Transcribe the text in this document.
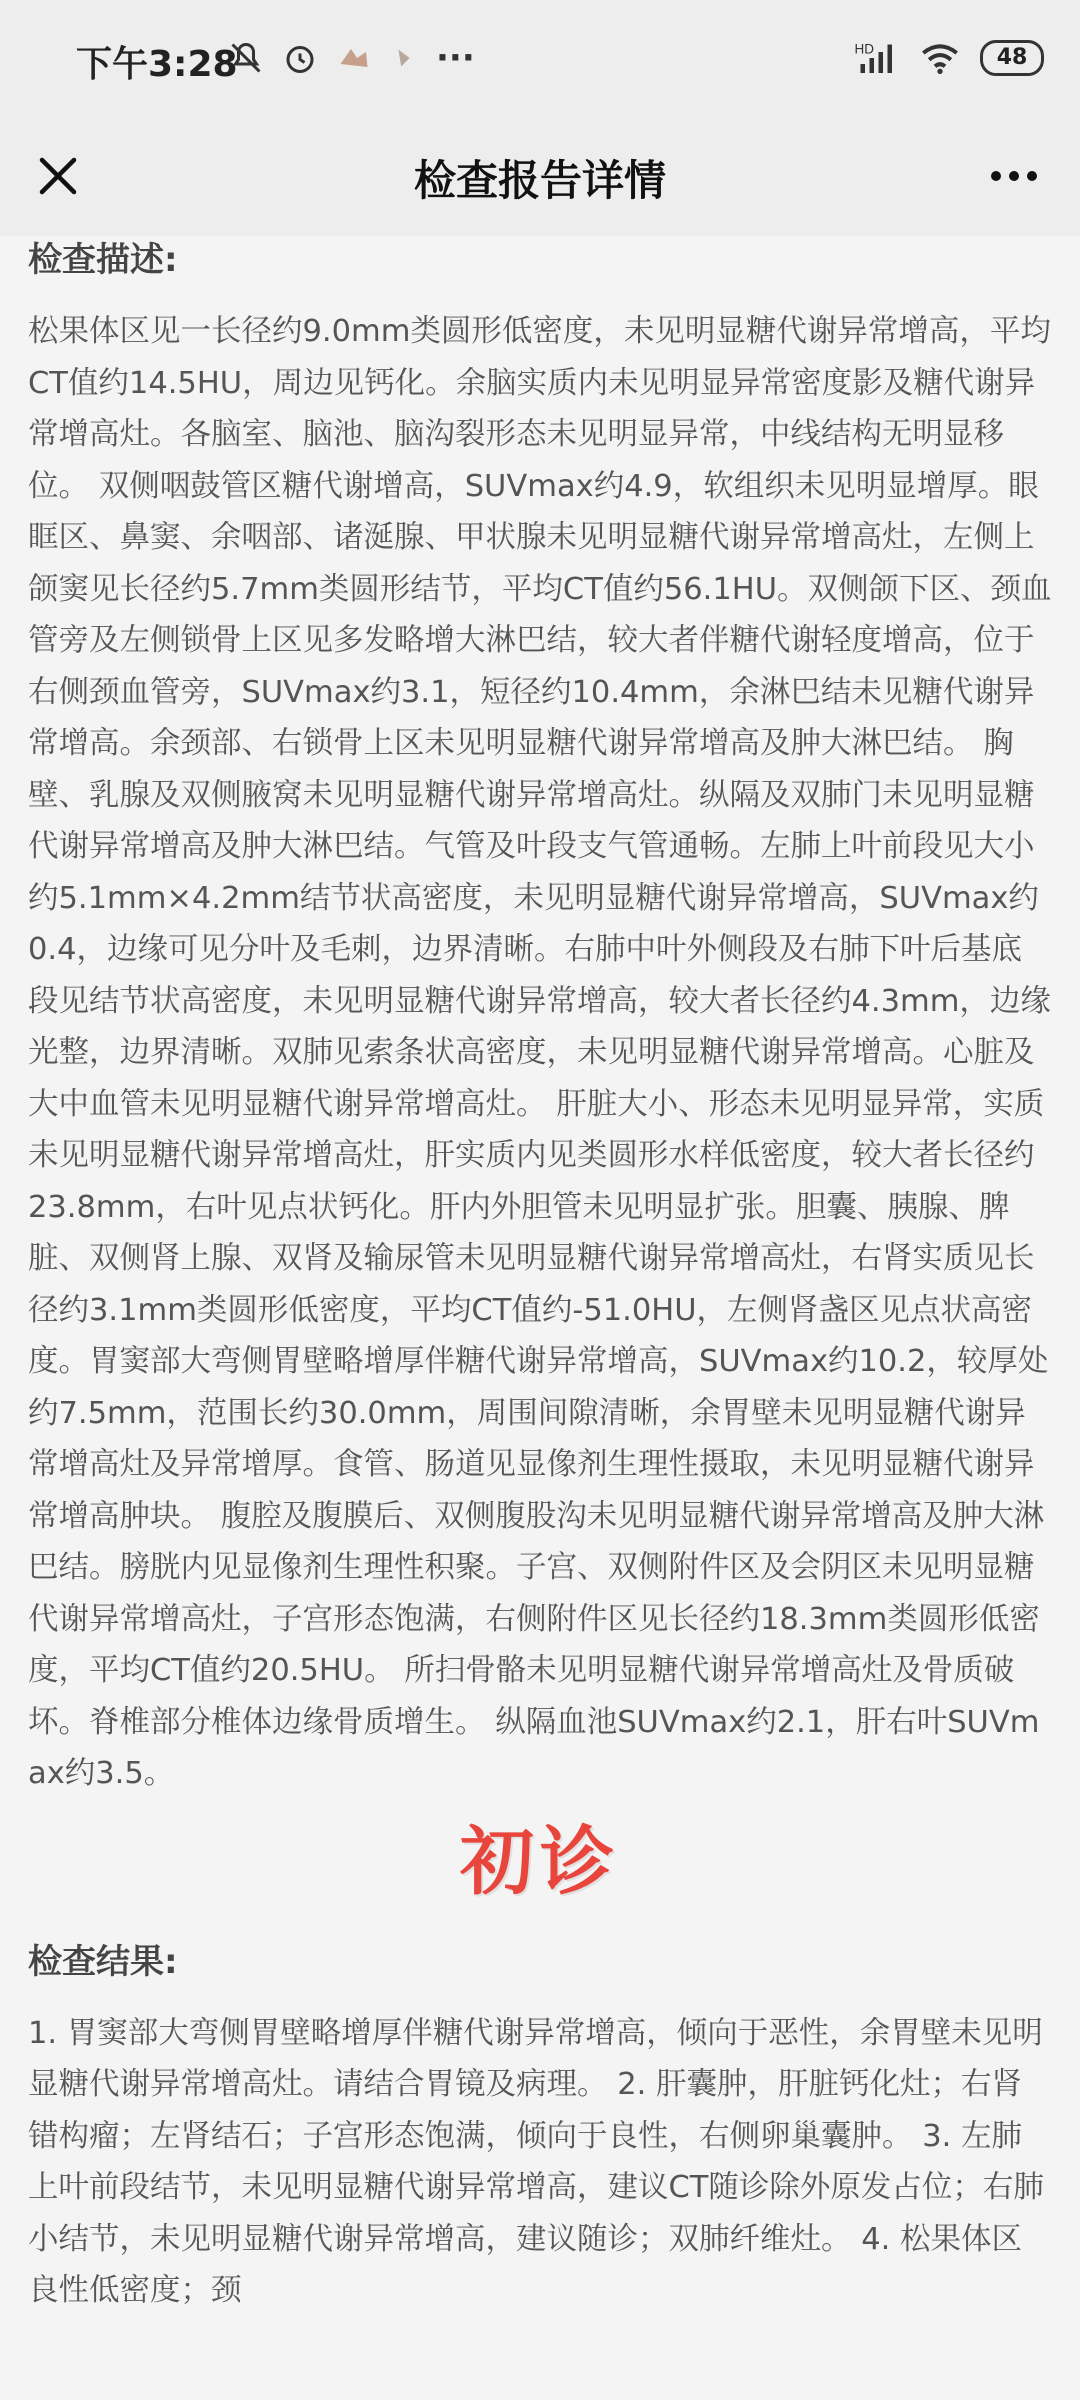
下午3:28	···	HD	48
检查报告详情
检查描述:

松果体区见一长径约9.0mm类圆形低密度，未见明显糖代谢异常增高，平均CT值约14.5HU，周边见钙化。余脑实质内未见明显异常密度影及糖代谢异常增高灶。各脑室、脑池、脑沟裂形态未见明显异常，中线结构无明显移位。 双侧咽鼓管区糖代谢增高，SUVmax约4.9，软组织未见明显增厚。眼眶区、鼻窦、余咽部、诸涎腺、甲状腺未见明显糖代谢异常增高灶，左侧上颌窦见长径约5.7mm类圆形结节，平均CT值约56.1HU。双侧颌下区、颈血管旁及左侧锁骨上区见多发略增大淋巴结，较大者伴糖代谢轻度增高，位于右侧颈血管旁，SUVmax约3.1，短径约10.4mm，余淋巴结未见糖代谢异常增高。余颈部、右锁骨上区未见明显糖代谢异常增高及肿大淋巴结。 胸壁、乳腺及双侧腋窝未见明显糖代谢异常增高灶。纵隔及双肺门未见明显糖代谢异常增高及肿大淋巴结。气管及叶段支气管通畅。左肺上叶前段见大小约5.1mm×4.2mm结节状高密度，未见明显糖代谢异常增高，SUVmax约0.4，边缘可见分叶及毛刺，边界清晰。右肺中叶外侧段及右肺下叶后基底段见结节状高密度，未见明显糖代谢异常增高，较大者长径约4.3mm，边缘光整，边界清晰。双肺见索条状高密度，未见明显糖代谢异常增高。心脏及大中血管未见明显糖代谢异常增高灶。 肝脏大小、形态未见明显异常，实质未见明显糖代谢异常增高灶，肝实质内见类圆形水样低密度，较大者长径约23.8mm，右叶见点状钙化。肝内外胆管未见明显扩张。胆囊、胰腺、脾脏、双侧肾上腺、双肾及输尿管未见明显糖代谢异常增高灶，右肾实质见长径约3.1mm类圆形低密度，平均CT值约-51.0HU，左侧肾盏区见点状高密度。胃窦部大弯侧胃壁略增厚伴糖代谢异常增高，SUVmax约10.2，较厚处约7.5mm，范围长约30.0mm，周围间隙清晰，余胃壁未见明显糖代谢异常增高灶及异常增厚。食管、肠道见显像剂生理性摄取，未见明显糖代谢异常增高肿块。 腹腔及腹膜后、双侧腹股沟未见明显糖代谢异常增高及肿大淋巴结。膀胱内见显像剂生理性积聚。子宫、双侧附件区及会阴区未见明显糖代谢异常增高灶，子宫形态饱满，右侧附件区见长径约18.3mm类圆形低密度，平均CT值约20.5HU。 所扫骨骼未见明显糖代谢异常增高灶及骨质破坏。脊椎部分椎体边缘骨质增生。 纵隔血池SUVmax约2.1，肝右叶SUVmax约3.5。

初诊
检查结果:

1. 胃窦部大弯侧胃壁略增厚伴糖代谢异常增高，倾向于恶性，余胃壁未见明显糖代谢异常增高灶。请结合胃镜及病理。 2. 肝囊肿，肝脏钙化灶；右肾错构瘤；左肾结石；子宫形态饱满，倾向于良性，右侧卵巢囊肿。 3. 左肺上叶前段结节，未见明显糖代谢异常增高，建议CT随诊除外原发占位；右肺小结节，未见明显糖代谢异常增高，建议随诊；双肺纤维灶。 4. 松果体区良性低密度；颈
